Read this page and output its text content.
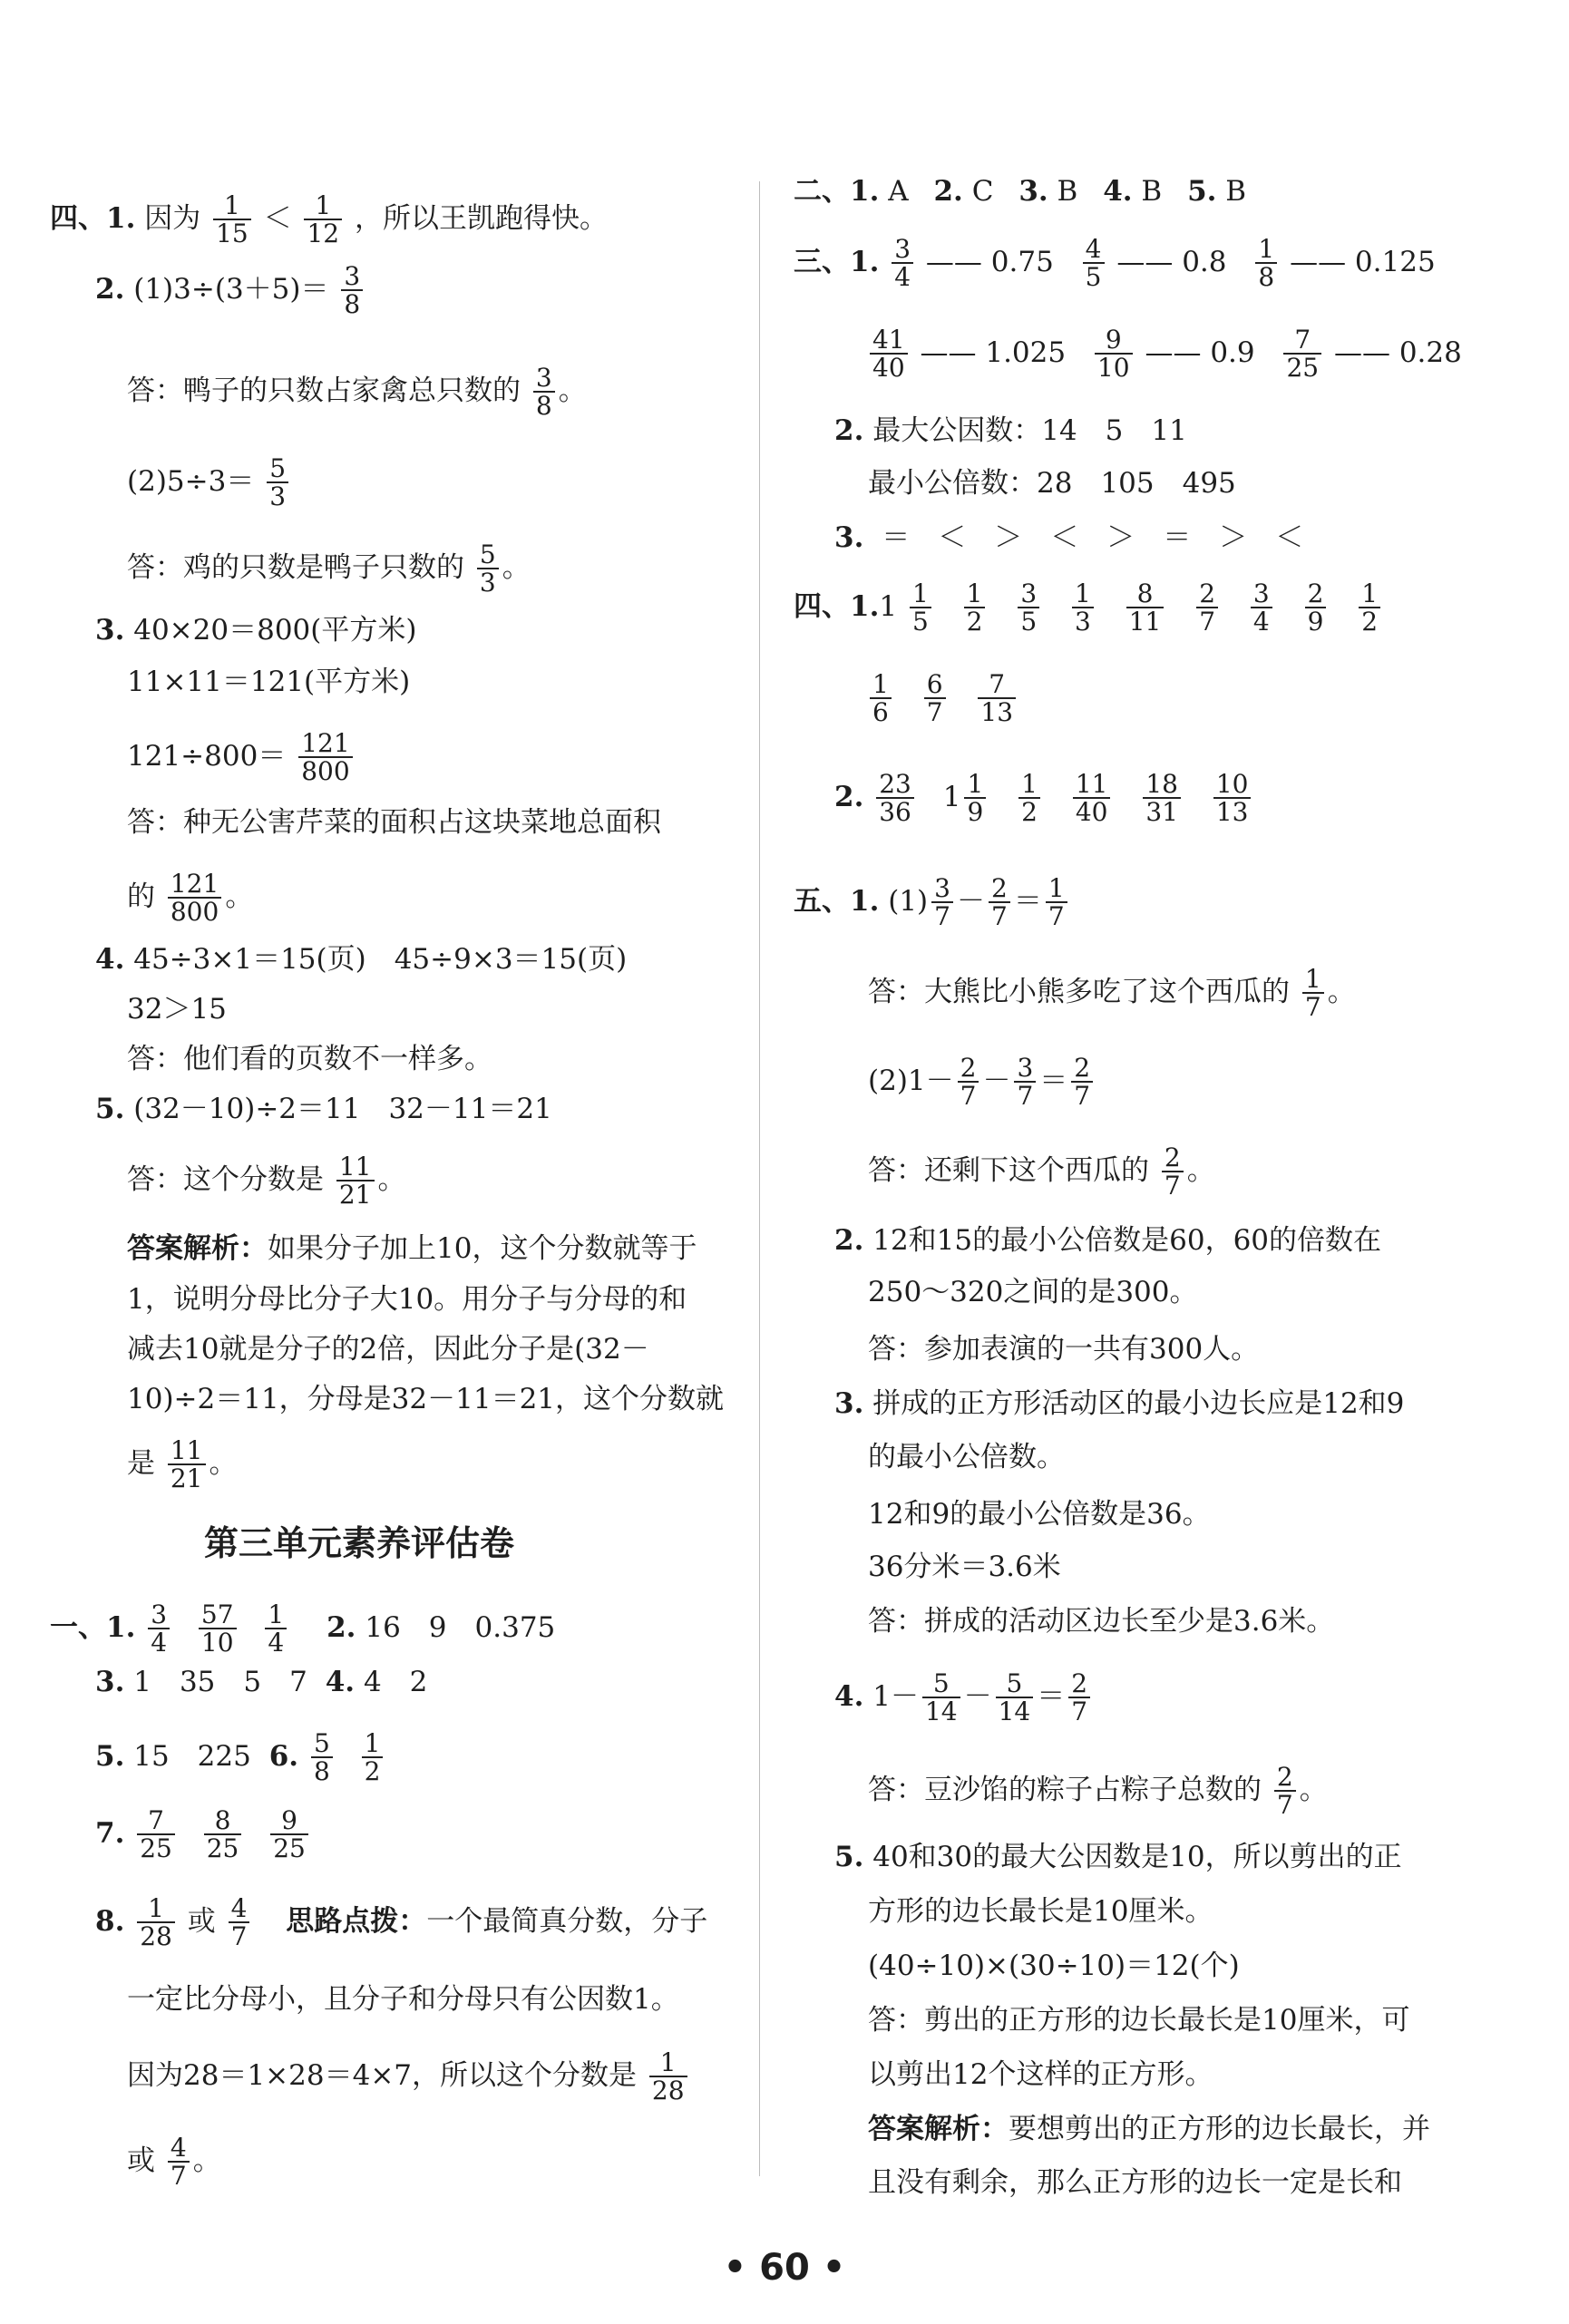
四、1. 因为 $\frac{1}{15} < \frac{1}{12}$ ，所以王凯跑得快。
2. $(1)3\div(3+5)= \frac{3}{8}$
答：鸭子的只数占家禽总只数的 $\frac{3}{8}$ 。
$(2)5\div 3= \frac{5}{3}$
答：鸡的只数是鸭子只数的 $\frac{5}{3}$ 。
3. 40×20＝800(平方米)
11×11＝121(平方米)
$121\div 800= \frac{121}{800}$
答：种无公害芹菜的面积占这块菜地总面积
的 $\frac{121}{800}$ 。
4. 45÷3×1＝15(页)　45÷9×3＝15(页)
32＞15
答：他们看的页数不一样多。
5. (32－10)÷2＝11　32－11＝21
答：这个分数是 $\frac{11}{21}$ 。
答案解析：如果分子加上10，这个分数就等于
1，说明分母比分子大10。用分子与分母的和
减去10就是分子的2倍，因此分子是(32－
10)÷2＝11，分母是32－11＝21，这个分数就
是 $\frac{11}{21}$ 。
第三单元素养评估卷
一、1. $\frac{3}{4}$
$\frac{57}{10}$
$\frac{1}{4} 2$. 16　9　0.375
3. 1　35　5　7 4. 4　2
5. 15　225 6. $\frac{5}{8}$
$\frac{1}{2}$
7. $\frac{7}{25}$
$\frac{8}{25}$
$\frac{9}{25}$
8. $\frac{1}{28}$ 或 $\frac{4}{7}$ 思路点拨：一个最简真分数，分子
一定比分母小，且分子和分母只有公因数1。
因为28＝1×28＝4×7，所以这个分数是 $\frac{1}{28}$
或 $\frac{4}{7}$ 。
二、1. A 2. C 3. B 4. B 5. B
三、1. $\frac{3}{4}$ —— $0.75 \frac{4}{5}$ —— $0.8 \frac{1}{8}$ —— 0.125
$\frac{41}{40}$ —— $1.025 \frac{9}{10}$ —— $0.9 \frac{7}{25}$ —— 0.28
2. 最大公因数：14　5　11
最小公倍数：28　105　495
3. ＝　＜　＞　＜　＞　＝　＞　＜
四、$1.1 \frac{1}{5}$
$\frac{1}{2}$
$\frac{3}{5}$
$\frac{1}{3}$
$\frac{8}{11}$
$\frac{2}{7}$
$\frac{3}{4}$
$\frac{2}{9}$
$\frac{1}{2}$
$\frac{1}{6}$
$\frac{6}{7}$
$\frac{7}{13}$
2. $\frac{23}{36} 1 \frac{1}{9}$
$\frac{1}{2}$
$\frac{11}{40}$
$\frac{18}{31}$
$\frac{10}{13}$
五、1. $(1) \frac{3}{7} - \frac{2}{7} = \frac{1}{7}$
答：大熊比小熊多吃了这个西瓜的 $\frac{1}{7}$ 。
$(2)1- \frac{2}{7} - \frac{3}{7} = \frac{2}{7}$
答：还剩下这个西瓜的 $\frac{2}{7}$ 。
2. 12和15的最小公倍数是60，60的倍数在
250～320之间的是300。
答：参加表演的一共有300人。
3. 拼成的正方形活动区的最小边长应是12和9
的最小公倍数。
12和9的最小公倍数是36。
36分米＝3.6米
答：拼成的活动区边长至少是3.6米。
4. $1- \frac{5}{14} - \frac{5}{14} = \frac{2}{7}$
答：豆沙馅的粽子占粽子总数的 $\frac{2}{7}$ 。
5. 40和30的最大公因数是10，所以剪出的正
方形的边长最长是10厘米。
(40÷10)×(30÷10)＝12(个)
答：剪出的正方形的边长最长是10厘米，可
以剪出12个这样的正方形。
答案解析：要想剪出的正方形的边长最长，并
且没有剩余，那么正方形的边长一定是长和
• 60 •
